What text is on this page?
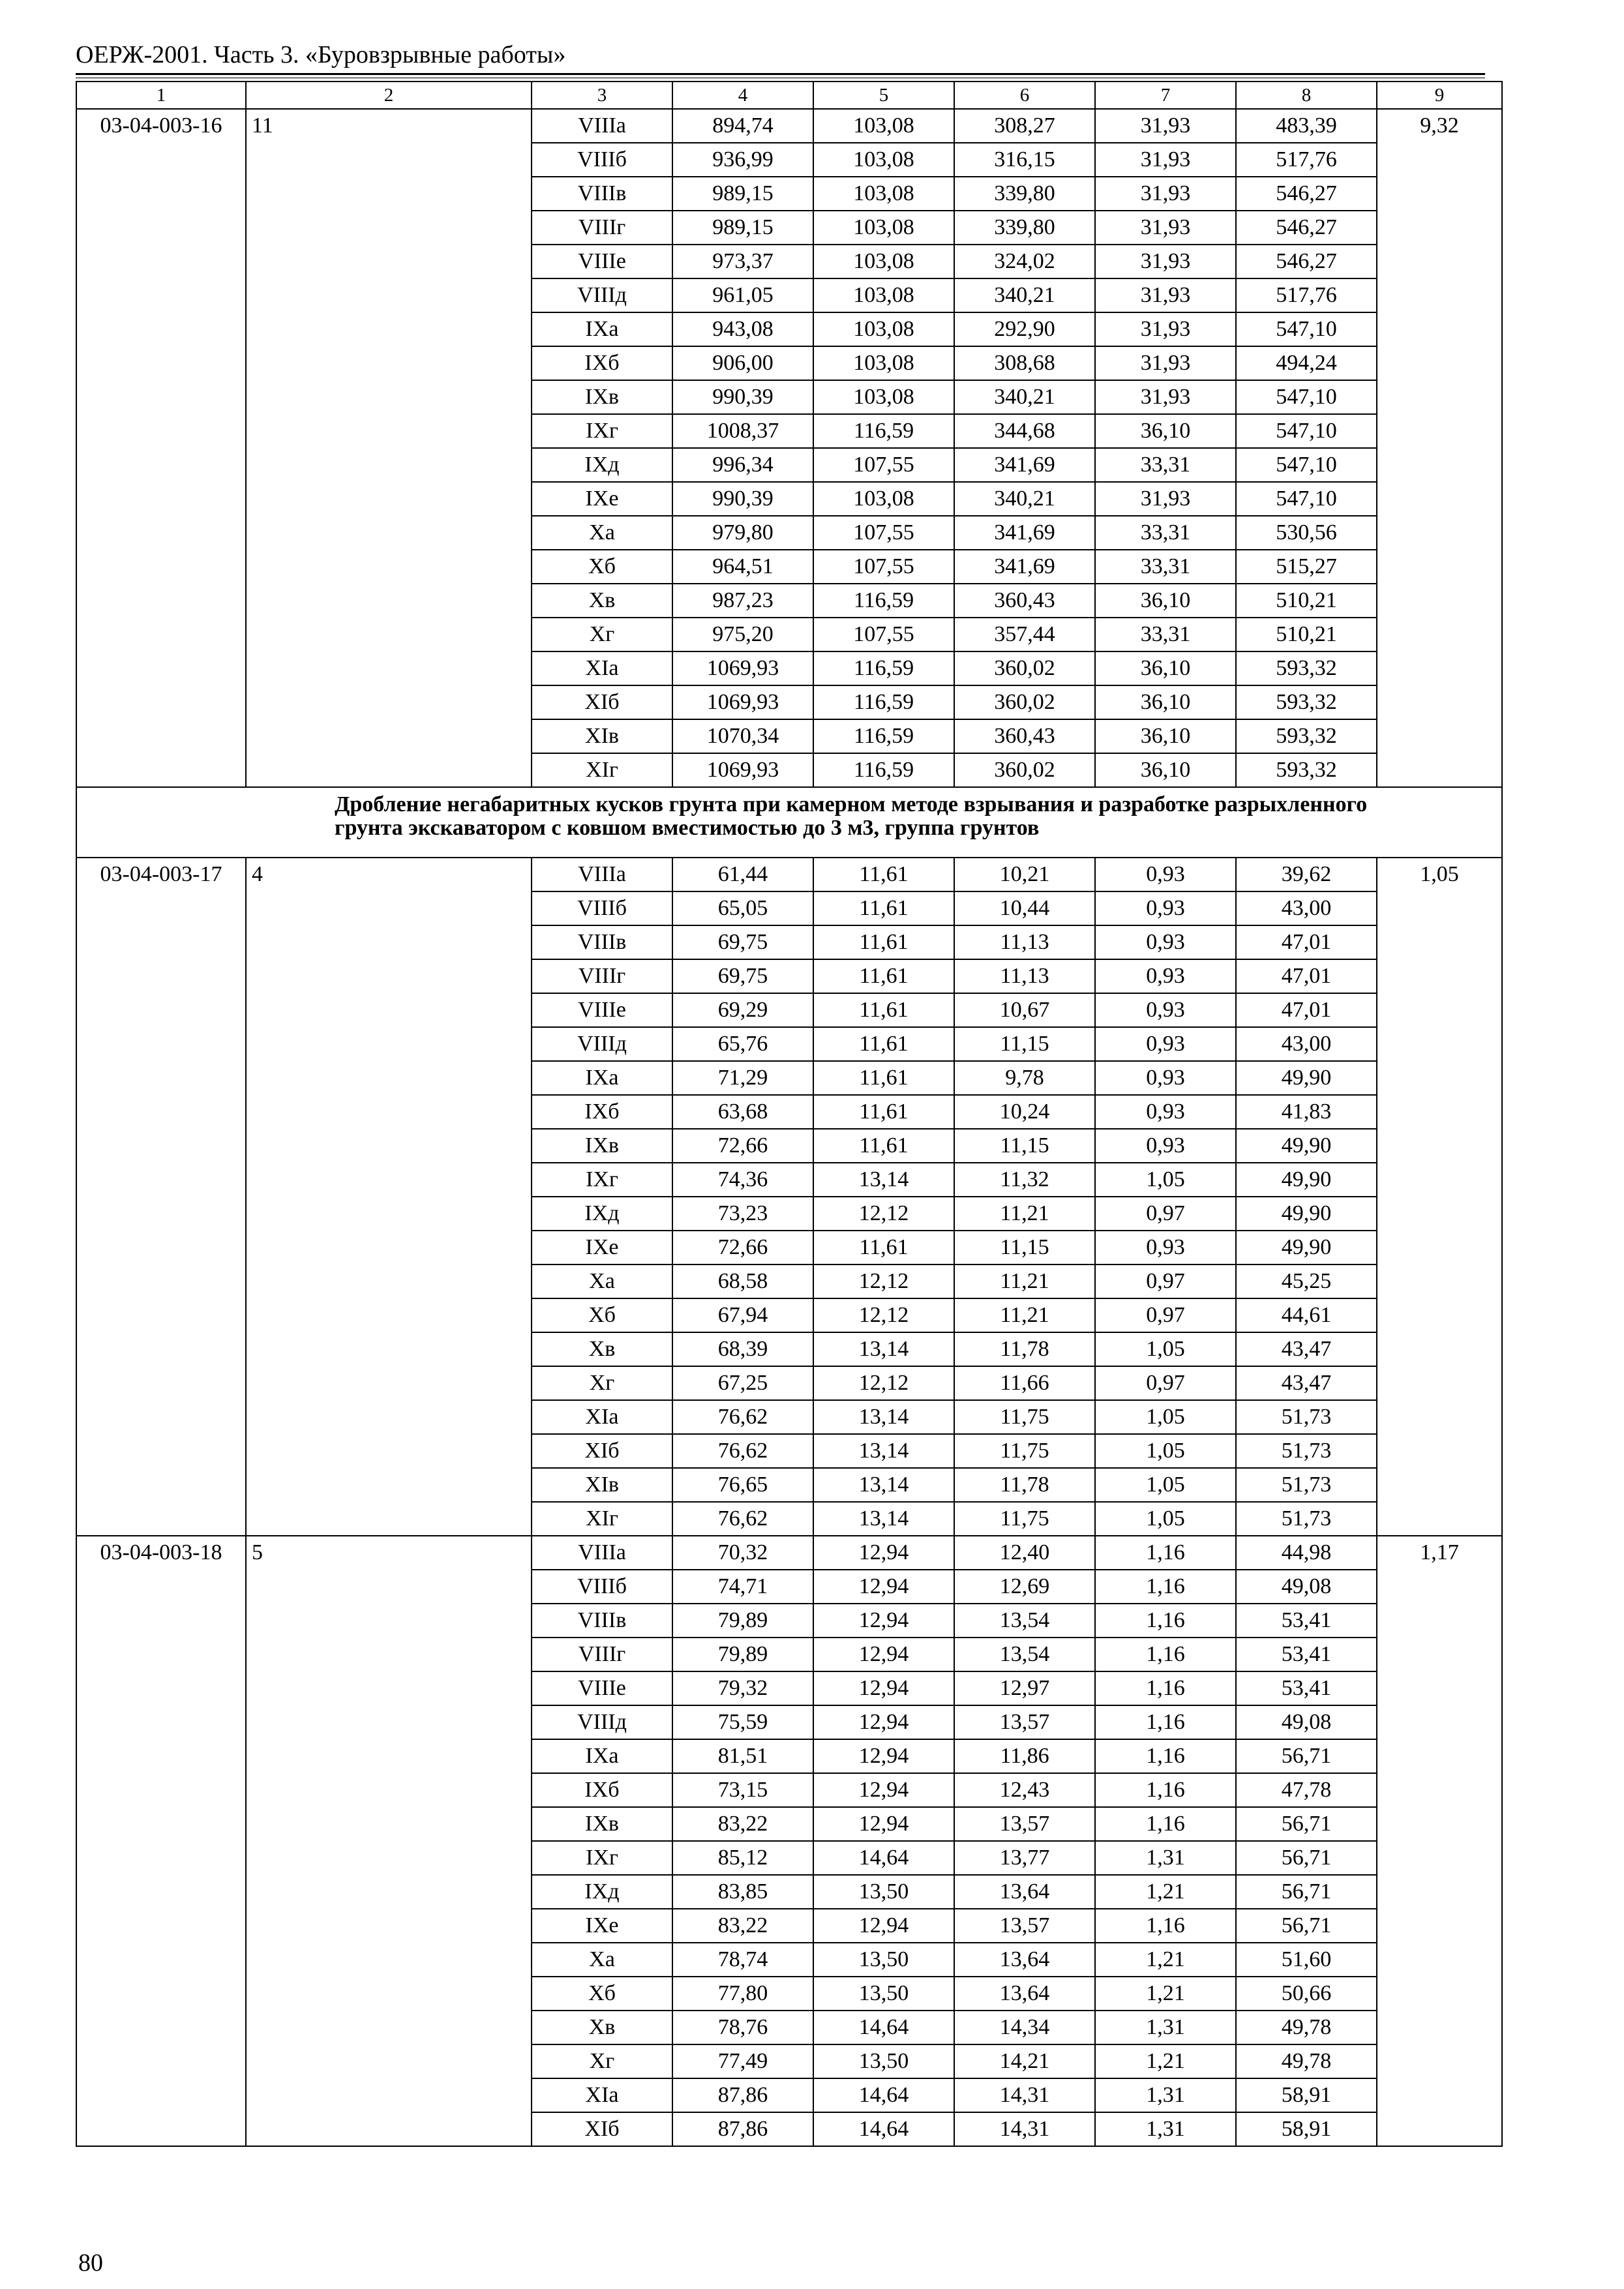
ОЕРЖ-2001. Часть 3. «Буровзрывные работы»
1	2	3	4	5	6	7	8	9
03-04-003-16	11	VIIIа	894,74	103,08	308,27	31,93	483,39	9,32
		VIIIб	936,99	103,08	316,15	31,93	517,76	
		VIIIв	989,15	103,08	339,80	31,93	546,27	
		VIIIг	989,15	103,08	339,80	31,93	546,27	
		VIIIе	973,37	103,08	324,02	31,93	546,27	
		VIIIд	961,05	103,08	340,21	31,93	517,76	
		IXа	943,08	103,08	292,90	31,93	547,10	
		IXб	906,00	103,08	308,68	31,93	494,24	
		IXв	990,39	103,08	340,21	31,93	547,10	
		IXг	1008,37	116,59	344,68	36,10	547,10	
		IXд	996,34	107,55	341,69	33,31	547,10	
		IXе	990,39	103,08	340,21	31,93	547,10	
		Xа	979,80	107,55	341,69	33,31	530,56	
		Xб	964,51	107,55	341,69	33,31	515,27	
		Xв	987,23	116,59	360,43	36,10	510,21	
		Xг	975,20	107,55	357,44	33,31	510,21	
		XIа	1069,93	116,59	360,02	36,10	593,32	
		XIб	1069,93	116,59	360,02	36,10	593,32	
		XIв	1070,34	116,59	360,43	36,10	593,32	
		XIг	1069,93	116,59	360,02	36,10	593,32	
Дробление негабаритных кусков грунта при камерном методе взрывания и разработке разрыхленного грунта экскаватором с ковшом вместимостью до 3 м3, группа грунтов								
03-04-003-17	4	VIIIа	61,44	11,61	10,21	0,93	39,62	1,05
		VIIIб	65,05	11,61	10,44	0,93	43,00	
		VIIIв	69,75	11,61	11,13	0,93	47,01	
		VIIIг	69,75	11,61	11,13	0,93	47,01	
		VIIIе	69,29	11,61	10,67	0,93	47,01	
		VIIIд	65,76	11,61	11,15	0,93	43,00	
		IXа	71,29	11,61	9,78	0,93	49,90	
		IXб	63,68	11,61	10,24	0,93	41,83	
		IXв	72,66	11,61	11,15	0,93	49,90	
		IXг	74,36	13,14	11,32	1,05	49,90	
		IXд	73,23	12,12	11,21	0,97	49,90	
		IXе	72,66	11,61	11,15	0,93	49,90	
		Xа	68,58	12,12	11,21	0,97	45,25	
		Xб	67,94	12,12	11,21	0,97	44,61	
		Xв	68,39	13,14	11,78	1,05	43,47	
		Xг	67,25	12,12	11,66	0,97	43,47	
		XIа	76,62	13,14	11,75	1,05	51,73	
		XIб	76,62	13,14	11,75	1,05	51,73	
		XIв	76,65	13,14	11,78	1,05	51,73	
		XIг	76,62	13,14	11,75	1,05	51,73	
03-04-003-18	5	VIIIа	70,32	12,94	12,40	1,16	44,98	1,17
		VIIIб	74,71	12,94	12,69	1,16	49,08	
		VIIIв	79,89	12,94	13,54	1,16	53,41	
		VIIIг	79,89	12,94	13,54	1,16	53,41	
		VIIIе	79,32	12,94	12,97	1,16	53,41	
		VIIIд	75,59	12,94	13,57	1,16	49,08	
		IXа	81,51	12,94	11,86	1,16	56,71	
		IXб	73,15	12,94	12,43	1,16	47,78	
		IXв	83,22	12,94	13,57	1,16	56,71	
		IXг	85,12	14,64	13,77	1,31	56,71	
		IXд	83,85	13,50	13,64	1,21	56,71	
		IXе	83,22	12,94	13,57	1,16	56,71	
		Xа	78,74	13,50	13,64	1,21	51,60	
		Xб	77,80	13,50	13,64	1,21	50,66	
		Xв	78,76	14,64	14,34	1,31	49,78	
		Xг	77,49	13,50	14,21	1,21	49,78	
		XIа	87,86	14,64	14,31	1,31	58,91	
		XIб	87,86	14,64	14,31	1,31	58,91	
80
